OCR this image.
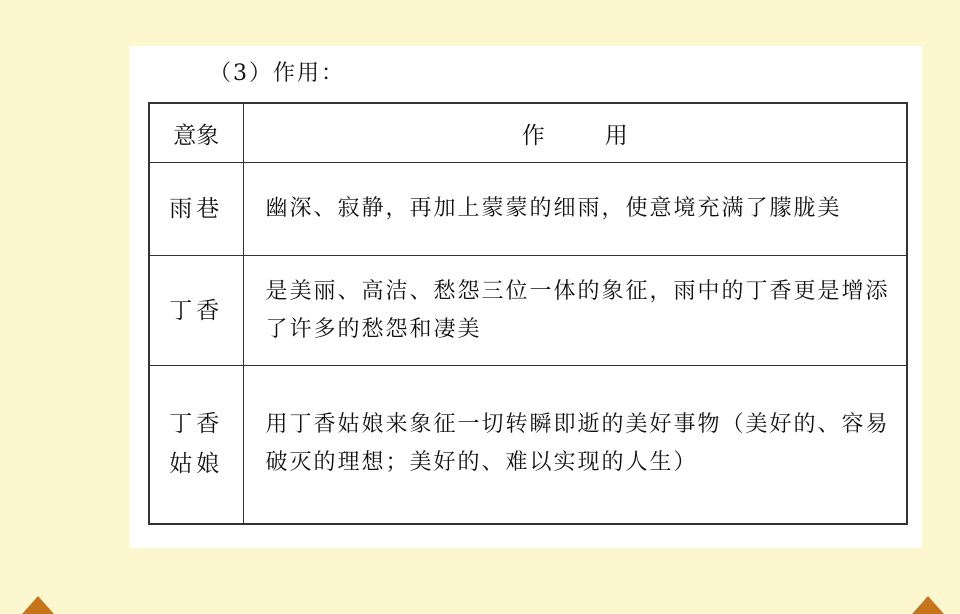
（3）作用：
意象	作用
雨巷	幽深、寂静，再加上蒙蒙的细雨，使意境充满了朦胧美
丁香	是美丽、高洁、愁怨三位一体的象征，雨中的丁香更是增添了许多的愁怨和凄美
丁香姑娘	用丁香姑娘来象征一切转瞬即逝的美好事物（美好的、容易破灭的理想；美好的、难以实现的人生）
